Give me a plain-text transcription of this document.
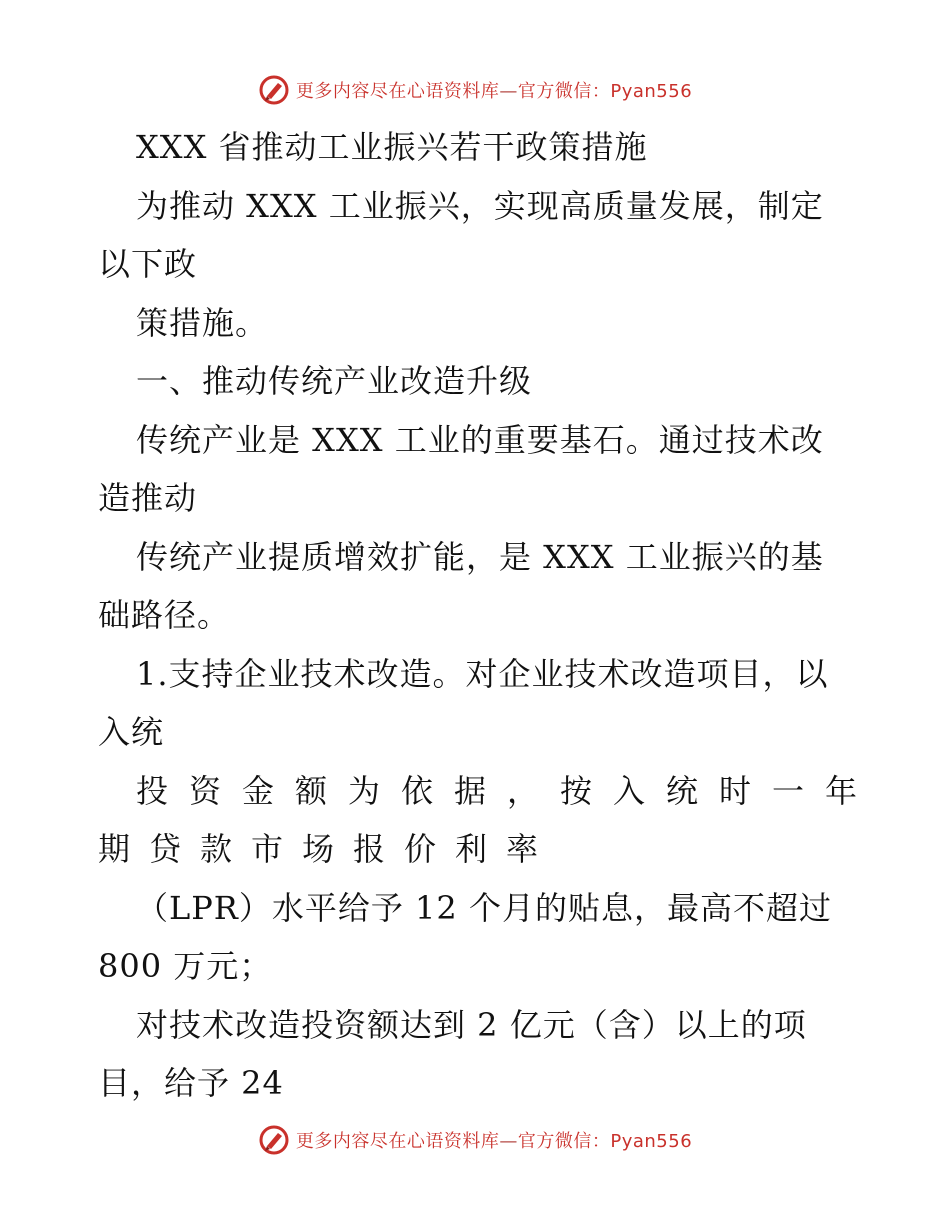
更多内容尽在心语资料库—官方微信：Pyan556
XXX 省推动工业振兴若干政策措施
为推动 XXX 工业振兴，实现高质量发展，制定
以下政
策措施。
一、推动传统产业改造升级
传统产业是 XXX 工业的重要基石。通过技术改
造推动
传统产业提质增效扩能，是 XXX 工业振兴的基
础路径。
1.支持企业技术改造。对企业技术改造项目，以
入统
投资金额为依据，按入统时一年
期贷款市场报价利率
（LPR）水平给予 12 个月的贴息，最高不超过
800 万元；
对技术改造投资额达到 2 亿元（含）以上的项
目，给予 24
更多内容尽在心语资料库—官方微信：Pyan556
